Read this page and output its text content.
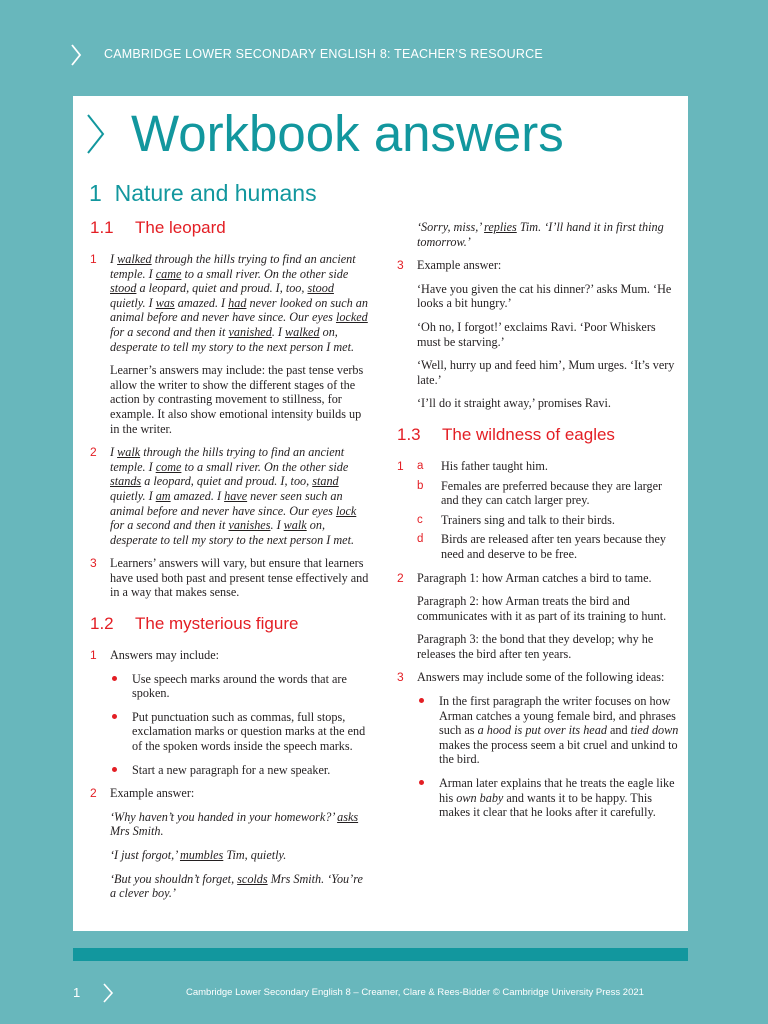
CAMBRIDGE LOWER SECONDARY ENGLISH 8: TEACHER’S RESOURCE
Workbook answers
1 Nature and humans
1.1 The leopard
1 I walked through the hills trying to find an ancient temple. I came to a small river. On the other side stood a leopard, quiet and proud. I, too, stood quietly. I was amazed. I had never looked on such an animal before and never have since. Our eyes locked for a second and then it vanished. I walked on, desperate to tell my story to the next person I met.

Learner’s answers may include: the past tense verbs allow the writer to show the different stages of the action by contrasting movement to stillness, for example. It also show emotional intensity builds up in the writer.

2 I walk through the hills trying to find an ancient temple. I come to a small river. On the other side stands a leopard, quiet and proud. I, too, stand quietly. I am amazed. I have never seen such an animal before and never have since. Our eyes lock for a second and then it vanishes. I walk on, desperate to tell my story to the next person I met.

3 Learners’ answers will vary, but ensure that learners have used both past and present tense effectively and in a way that makes sense.

1.2 The mysterious figure
1 Answers may include:

Use speech marks around the words that are spoken.
Put punctuation such as commas, full stops, exclamation marks or question marks at the end of the spoken words inside the speech marks.
Start a new paragraph for a new speaker.
2 Example answer:

‘Why haven’t you handed in your homework?’ asks Mrs Smith.

‘I just forgot,’ mumbles Tim, quietly.

‘But you shouldn’t forget, scolds Mrs Smith. ‘You’re a clever boy.’

‘Sorry, miss,’ replies Tim. ‘I’ll hand it in first thing tomorrow.’

3 Example answer:

‘Have you given the cat his dinner?’ asks Mum. ‘He looks a bit hungry.’

‘Oh no, I forgot!’ exclaims Ravi. ‘Poor Whiskers must be starving.’

‘Well, hurry up and feed him’, Mum urges. ‘It’s very late.’

‘I’ll do it straight away,’ promises Ravi.

1.3 The wildness of eagles
1 a His father taught him.
b Females are preferred because they are larger and they can catch larger prey.
c Trainers sing and talk to their birds.
d Birds are released after ten years because they need and deserve to be free.
2 Paragraph 1: how Arman catches a bird to tame.

Paragraph 2: how Arman treats the bird and communicates with it as part of its training to hunt.

Paragraph 3: the bond that they develop; why he releases the bird after ten years.

3 Answers may include some of the following ideas:

In the first paragraph the writer focuses on how Arman catches a young female bird, and phrases such as a hood is put over its head and tied down makes the process seem a bit cruel and unkind to the bird.
Arman later explains that he treats the eagle like his own baby and wants it to be happy. This makes it clear that he looks after it carefully.
1	Cambridge Lower Secondary English 8 – Creamer, Clare & Rees-Bidder © Cambridge University Press 2021
